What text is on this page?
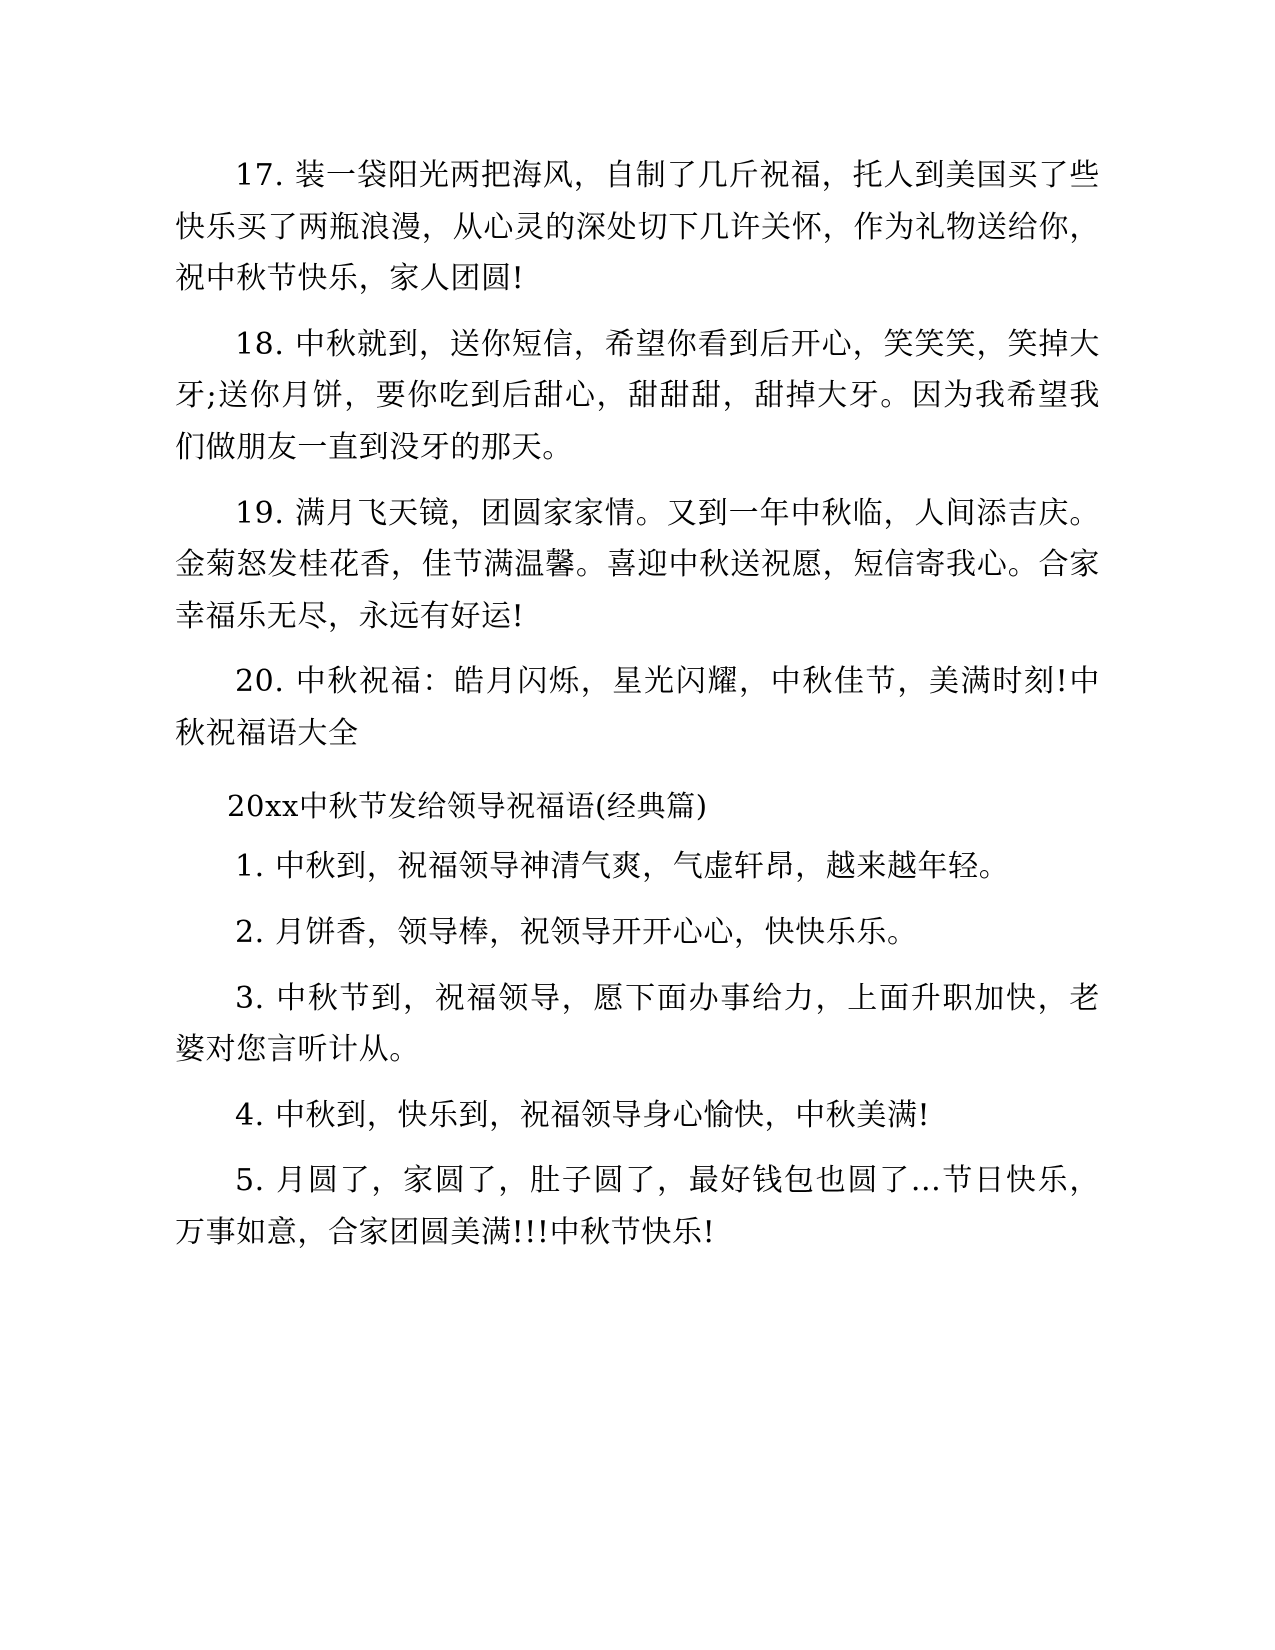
17. 装一袋阳光两把海风，自制了几斤祝福，托人到美国买了些快乐买了两瓶浪漫，从心灵的深处切下几许关怀，作为礼物送给你，祝中秋节快乐，家人团圆!

18. 中秋就到，送你短信，希望你看到后开心，笑笑笑，笑掉大牙;送你月饼，要你吃到后甜心，甜甜甜，甜掉大牙。因为我希望我们做朋友一直到没牙的那天。

19. 满月飞天镜，团圆家家情。又到一年中秋临，人间添吉庆。金菊怒发桂花香，佳节满温馨。喜迎中秋送祝愿，短信寄我心。合家幸福乐无尽，永远有好运!

20. 中秋祝福：皓月闪烁，星光闪耀，中秋佳节，美满时刻!中秋祝福语大全

20xx中秋节发给领导祝福语(经典篇)

1. 中秋到，祝福领导神清气爽，气虚轩昂，越来越年轻。

2. 月饼香，领导棒，祝领导开开心心，快快乐乐。

3. 中秋节到，祝福领导，愿下面办事给力，上面升职加快，老婆对您言听计从。

4. 中秋到，快乐到，祝福领导身心愉快，中秋美满!

5. 月圆了，家圆了，肚子圆了，最好钱包也圆了...节日快乐，万事如意，合家团圆美满!!!中秋节快乐!
